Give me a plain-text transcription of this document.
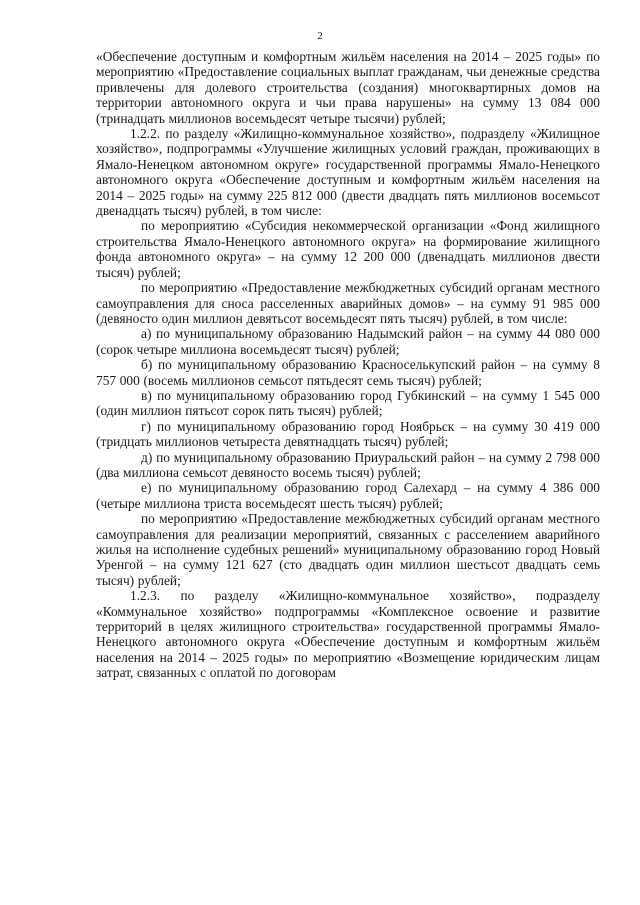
2

«Обеспечение доступным и комфортным жильём населения на 2014 – 2025 годы» по мероприятию «Предоставление социальных выплат гражданам, чьи денежные средства привлечены для долевого строительства (создания) многоквартирных домов на территории автономного округа и чьи права нарушены» на сумму 13 084 000 (тринадцать миллионов восемьдесят четыре тысячи) рублей;

1.2.2. по разделу «Жилищно-коммунальное хозяйство», подразделу «Жилищное хозяйство», подпрограммы «Улучшение жилищных условий граждан, проживающих в Ямало-Ненецком автономном округе» государственной программы Ямало-Ненецкого автономного округа «Обеспечение доступным и комфортным жильём населения на 2014 – 2025 годы» на сумму 225 812 000 (двести двадцать пять миллионов восемьсот двенадцать тысяч) рублей, в том числе:

по мероприятию «Субсидия некоммерческой организации «Фонд жилищного строительства Ямало-Ненецкого автономного округа» на формирование жилищного фонда автономного округа» – на сумму 12 200 000 (двенадцать миллионов двести тысяч) рублей;

по мероприятию «Предоставление межбюджетных субсидий органам местного самоуправления для сноса расселенных аварийных домов» – на сумму 91 985 000 (девяносто один миллион девятьсот восемьдесят пять тысяч) рублей, в том числе:

а) по муниципальному образованию Надымский район – на сумму 44 080 000 (сорок четыре миллиона восемьдесят тысяч) рублей;

б) по муниципальному образованию Красноселькупский район – на сумму 8 757 000 (восемь миллионов семьсот пятьдесят семь тысяч) рублей;

в) по муниципальному образованию город Губкинский – на сумму 1 545 000 (один миллион пятьсот сорок пять тысяч) рублей;

г) по муниципальному образованию город Ноябрьск – на сумму 30 419 000 (тридцать миллионов четыреста девятнадцать тысяч) рублей;

д) по муниципальному образованию Приуральский район – на сумму 2 798 000 (два миллиона семьсот девяносто восемь тысяч) рублей;

е) по муниципальному образованию город Салехард – на сумму 4 386 000 (четыре миллиона триста восемьдесят шесть тысяч) рублей;

по мероприятию «Предоставление межбюджетных субсидий органам местного самоуправления для реализации мероприятий, связанных с расселением аварийного жилья на исполнение судебных решений» муниципальному образованию город Новый Уренгой – на сумму 121 627 (сто двадцать один миллион шестьсот двадцать семь тысяч) рублей;

1.2.3. по разделу «Жилищно-коммунальное хозяйство», подразделу «Коммунальное хозяйство» подпрограммы «Комплексное освоение и развитие территорий в целях жилищного строительства» государственной программы Ямало-Ненецкого автономного округа «Обеспечение доступным и комфортным жильём населения на 2014 – 2025 годы» по мероприятию «Возмещение юридическим лицам затрат, связанных с оплатой по договорам
